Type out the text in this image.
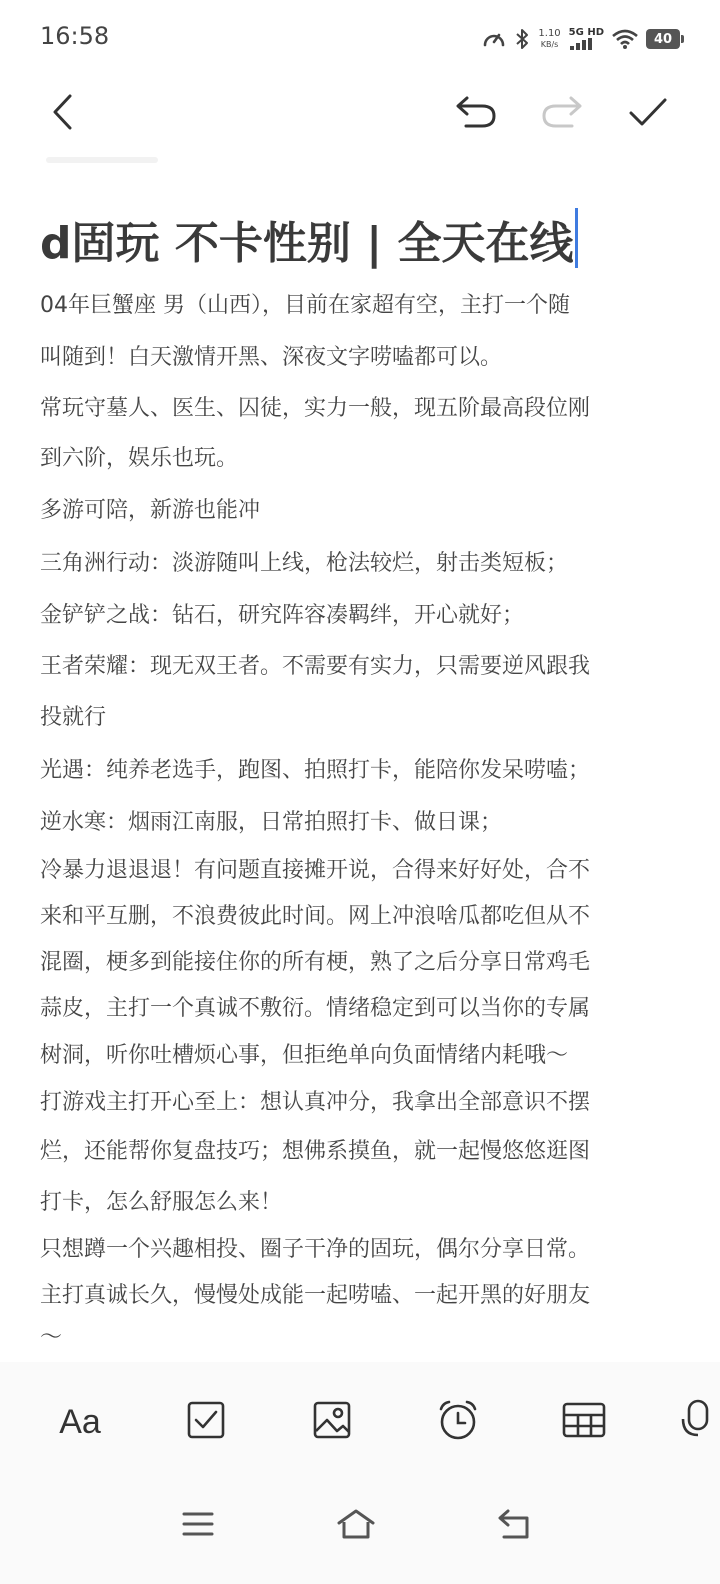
16:58	1.10
KB/s
5G HD	40
d固玩 不卡性别 | 全天在线

04年巨蟹座 男（山西），目前在家超有空，主打一个随

叫随到！白天激情开黑、深夜文字唠嗑都可以。

常玩守墓人、医生、囚徒，实力一般，现五阶最高段位刚

到六阶，娱乐也玩。

多游可陪，新游也能冲

三角洲行动：淡游随叫上线，枪法较烂，射击类短板；

金铲铲之战：钻石，研究阵容凑羁绊，开心就好；

王者荣耀：现无双王者。不需要有实力，只需要逆风跟我

投就行

光遇：纯养老选手，跑图、拍照打卡，能陪你发呆唠嗑；

逆水寒：烟雨江南服，日常拍照打卡、做日课；

冷暴力退退退！有问题直接摊开说，合得来好好处，合不

来和平互删，不浪费彼此时间。网上冲浪啥瓜都吃但从不

混圈，梗多到能接住你的所有梗，熟了之后分享日常鸡毛

蒜皮，主打一个真诚不敷衍。情绪稳定到可以当你的专属

树洞，听你吐槽烦心事，但拒绝单向负面情绪内耗哦～

打游戏主打开心至上：想认真冲分，我拿出全部意识不摆

烂，还能帮你复盘技巧；想佛系摸鱼，就一起慢悠悠逛图

打卡，怎么舒服怎么来！

只想蹲一个兴趣相投、圈子干净的固玩，偶尔分享日常。

主打真诚长久，慢慢处成能一起唠嗑、一起开黑的好朋友

～

Aa
